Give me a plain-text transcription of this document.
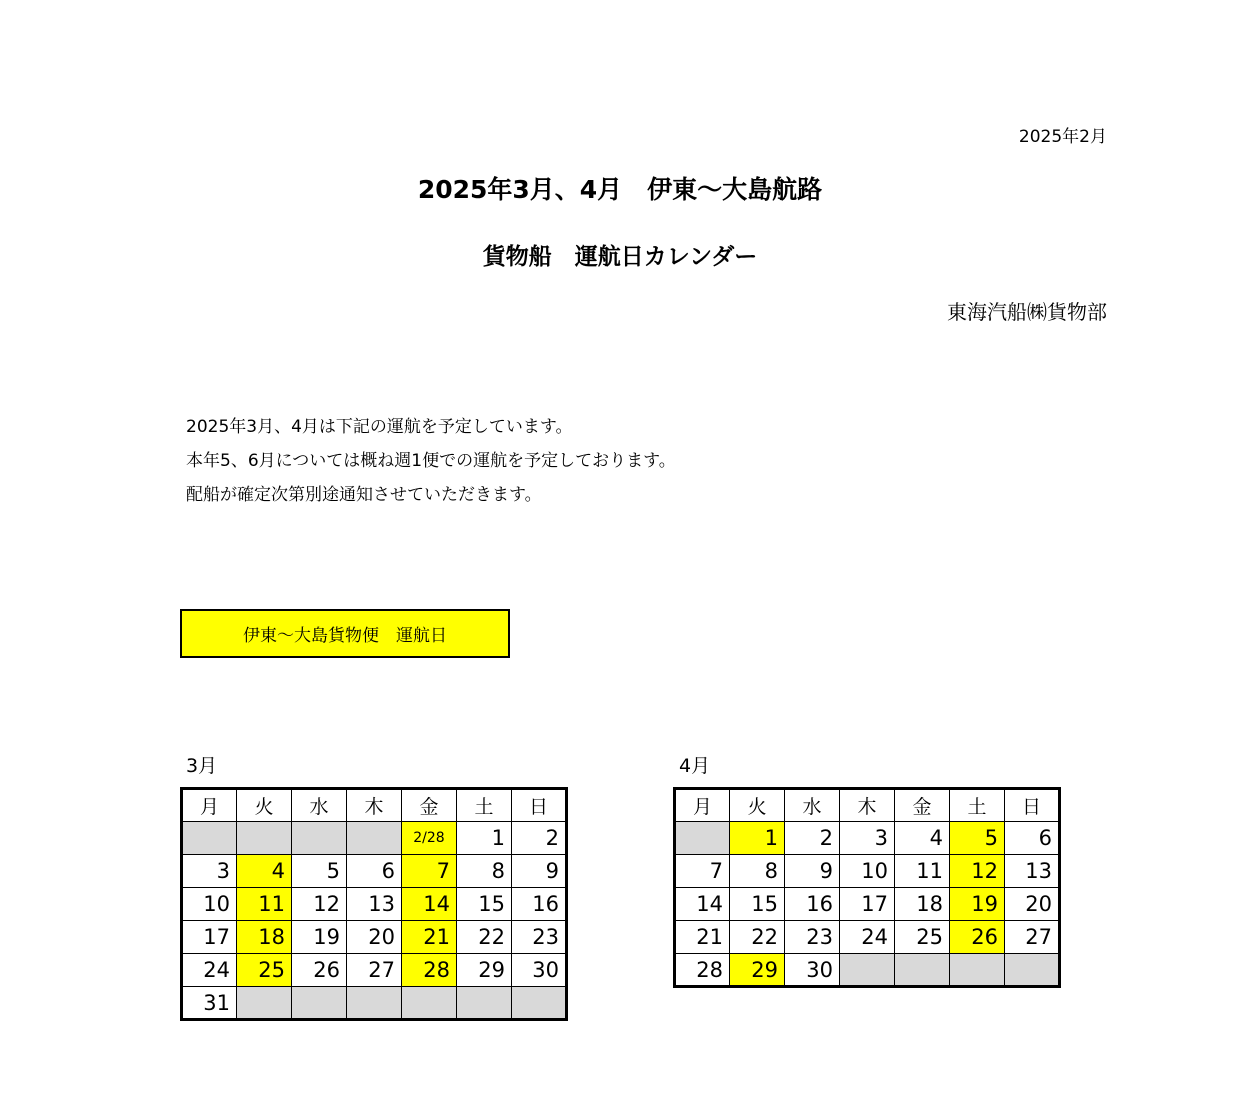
2025年2月
2025年3月、4月　伊東～大島航路
貨物船　運航日カレンダー
東海汽船㈱貨物部
2025年3月、4月は下記の運航を予定しています。
本年5、6月については概ね週1便での運航を予定しております。
配船が確定次第別途通知させていただきます。
伊東～大島貨物便　運航日
3月
月	火	水	木	金	土	日
				2/28	1	2
3	4	5	6	7	8	9
10	11	12	13	14	15	16
17	18	19	20	21	22	23
24	25	26	27	28	29	30
31						
4月
月	火	水	木	金	土	日
	1	2	3	4	5	6
7	8	9	10	11	12	13
14	15	16	17	18	19	20
21	22	23	24	25	26	27
28	29	30				
